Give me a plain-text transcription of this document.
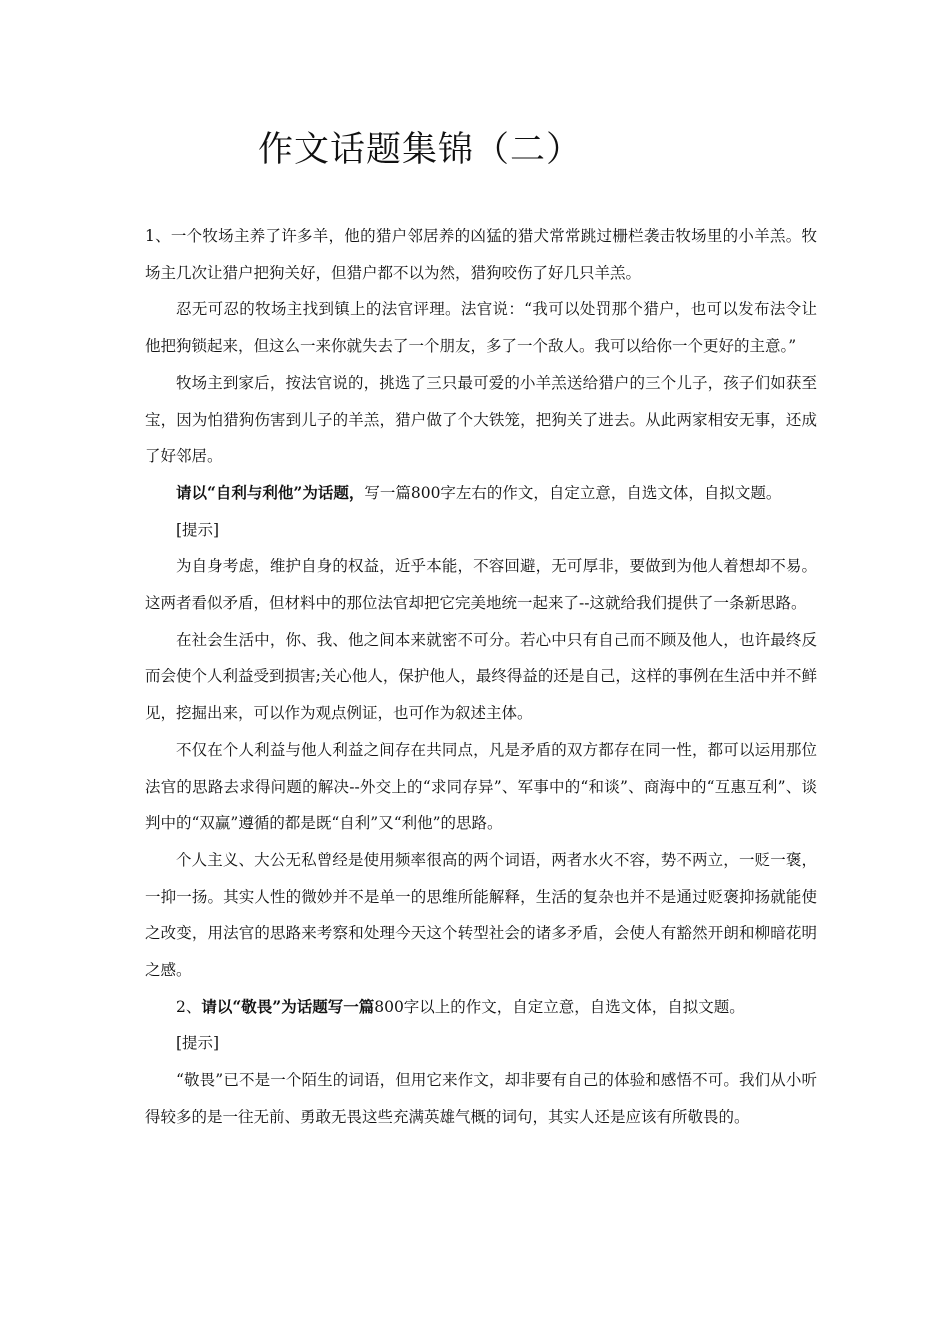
作文话题集锦（二）

1、一个牧场主养了许多羊，他的猎户邻居养的凶猛的猎犬常常跳过栅栏袭击牧场里的小羊羔。牧场主几次让猎户把狗关好，但猎户都不以为然，猎狗咬伤了好几只羊羔。

忍无可忍的牧场主找到镇上的法官评理。法官说：“我可以处罚那个猎户，也可以发布法令让他把狗锁起来，但这么一来你就失去了一个朋友，多了一个敌人。我可以给你一个更好的主意。”

牧场主到家后，按法官说的，挑选了三只最可爱的小羊羔送给猎户的三个儿子，孩子们如获至宝，因为怕猎狗伤害到儿子的羊羔，猎户做了个大铁笼，把狗关了进去。从此两家相安无事，还成了好邻居。

请以“自利与利他”为话题，写一篇800字左右的作文，自定立意，自选文体，自拟文题。

[提示]

为自身考虑，维护自身的权益，近乎本能，不容回避，无可厚非，要做到为他人着想却不易。这两者看似矛盾，但材料中的那位法官却把它完美地统一起来了--这就给我们提供了一条新思路。

在社会生活中，你、我、他之间本来就密不可分。若心中只有自己而不顾及他人，也许最终反而会使个人利益受到损害;关心他人，保护他人，最终得益的还是自己，这样的事例在生活中并不鲜见，挖掘出来，可以作为观点例证，也可作为叙述主体。

不仅在个人利益与他人利益之间存在共同点，凡是矛盾的双方都存在同一性，都可以运用那位法官的思路去求得问题的解决--外交上的“求同存异”、军事中的“和谈”、商海中的“互惠互利”、谈判中的“双赢”遵循的都是既“自利”又“利他”的思路。

个人主义、大公无私曾经是使用频率很高的两个词语，两者水火不容，势不两立，一贬一褒，一抑一扬。其实人性的微妙并不是单一的思维所能解释，生活的复杂也并不是通过贬褒抑扬就能使之改变，用法官的思路来考察和处理今天这个转型社会的诸多矛盾，会使人有豁然开朗和柳暗花明之感。

2、请以“敬畏”为话题写一篇800字以上的作文，自定立意，自选文体，自拟文题。

[提示]

“敬畏”已不是一个陌生的词语，但用它来作文，却非要有自己的体验和感悟不可。我们从小听得较多的是一往无前、勇敢无畏这些充满英雄气概的词句，其实人还是应该有所敬畏的。
